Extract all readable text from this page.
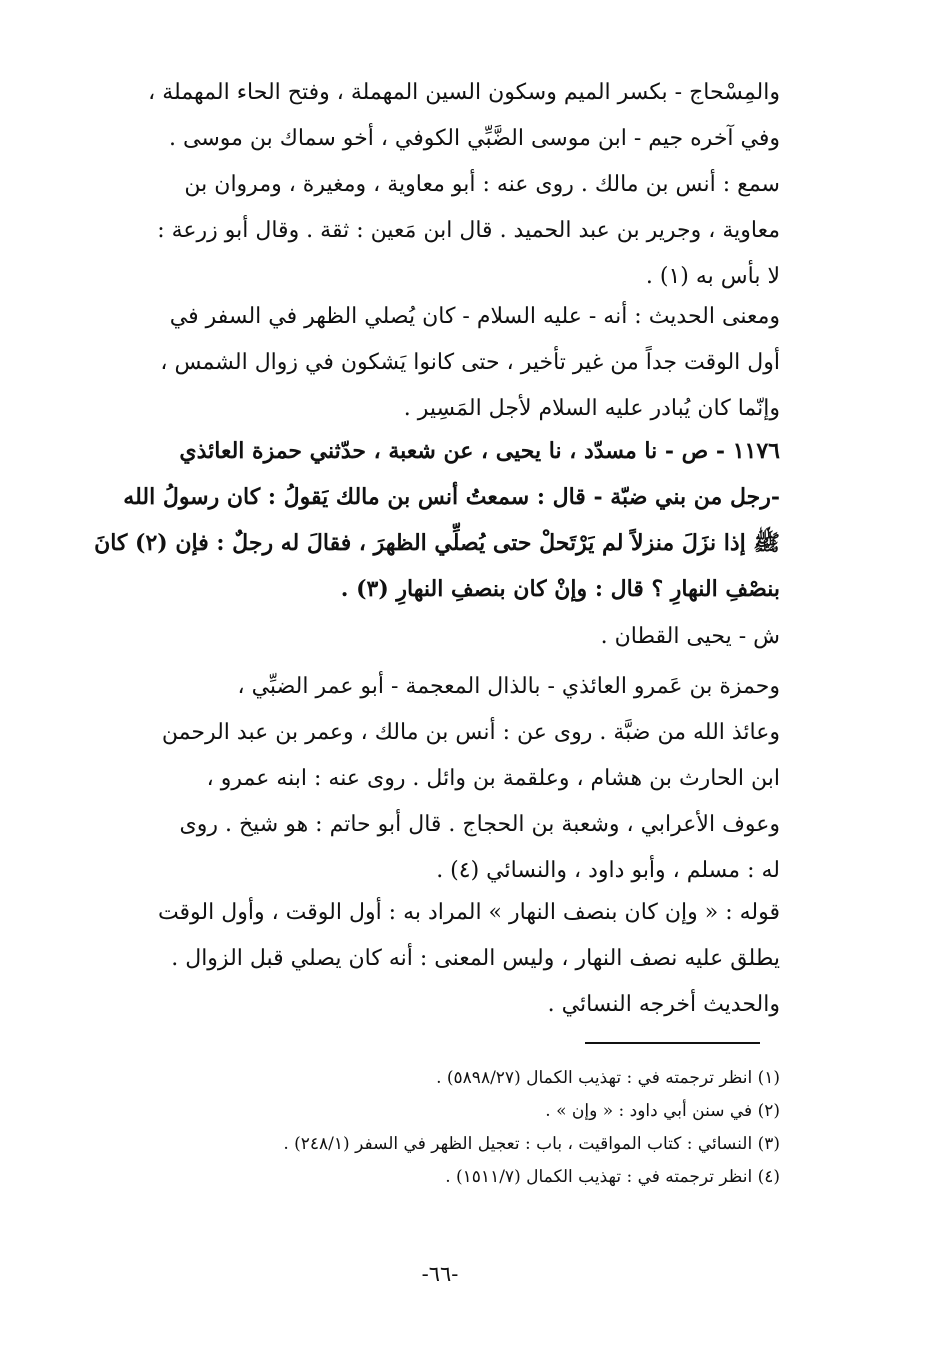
والمِسْحاج - بكسر الميم وسكون السين المهملة ، وفتح الحاء المهملة ،
وفي آخره جيم - ابن موسى الضَّبِّي الكوفي ، أخو سماك بن موسى .
سمع : أنس بن مالك . روى عنه : أبو معاوية ، ومغيرة ، ومروان بن
معاوية ، وجرير بن عبد الحميد . قال ابن مَعين : ثقة . وقال أبو زرعة :
لا بأس به (١) .

ومعنى الحديث : أنه - عليه السلام - كان يُصلي الظهر في السفر في
أول الوقت جداً من غير تأخير ، حتى كانوا يَشكون في زوال الشمس ،
وإنّما كان يُبادر عليه السلام لأجل المَسِير .

١١٧٦ - ص - نا مسدّد ، نا يحيى ، عن شعبة ، حدّثني حمزة العائذي
-رجل من بني ضبّة - قال : سمعتُ أنس بن مالك يَقولُ : كان رسولُ الله
ﷺ إذا نزَلَ منزلاً لم يَرْتَحلْ حتى يُصلِّي الظهرَ ، فقالَ له رجلٌ : فإن (٢) كانَ
بنصْفِ النهارِ ؟ قال : وإنْ كان بنصفِ النهارِ (٣) .

ش - يحيى القطان .

وحمزة بن عَمرو العائذي - بالذال المعجمة - أبو عمر الضبِّي ،
وعائذ الله من ضبَّة . روى عن : أنس بن مالك ، وعمر بن عبد الرحمن
ابن الحارث بن هشام ، وعلقمة بن وائل . روى عنه : ابنه عمرو ،
وعوف الأعرابي ، وشعبة بن الحجاج . قال أبو حاتم : هو شيخ . روى
له : مسلم ، وأبو داود ، والنسائي (٤) .

قوله : « وإن كان بنصف النهار » المراد به : أول الوقت ، وأول الوقت
يطلق عليه نصف النهار ، وليس المعنى : أنه كان يصلي قبل الزوال .
والحديث أخرجه النسائي .

(١) انظر ترجمته في : تهذيب الكمال (٥٨٩٨/٢٧) .

(٢) في سنن أبي داود : « وإن » .

(٣) النسائي : كتاب المواقيت ، باب : تعجيل الظهر في السفر (٢٤٨/١) .

(٤) انظر ترجمته في : تهذيب الكمال (١٥١١/٧) .

-٦٦-
